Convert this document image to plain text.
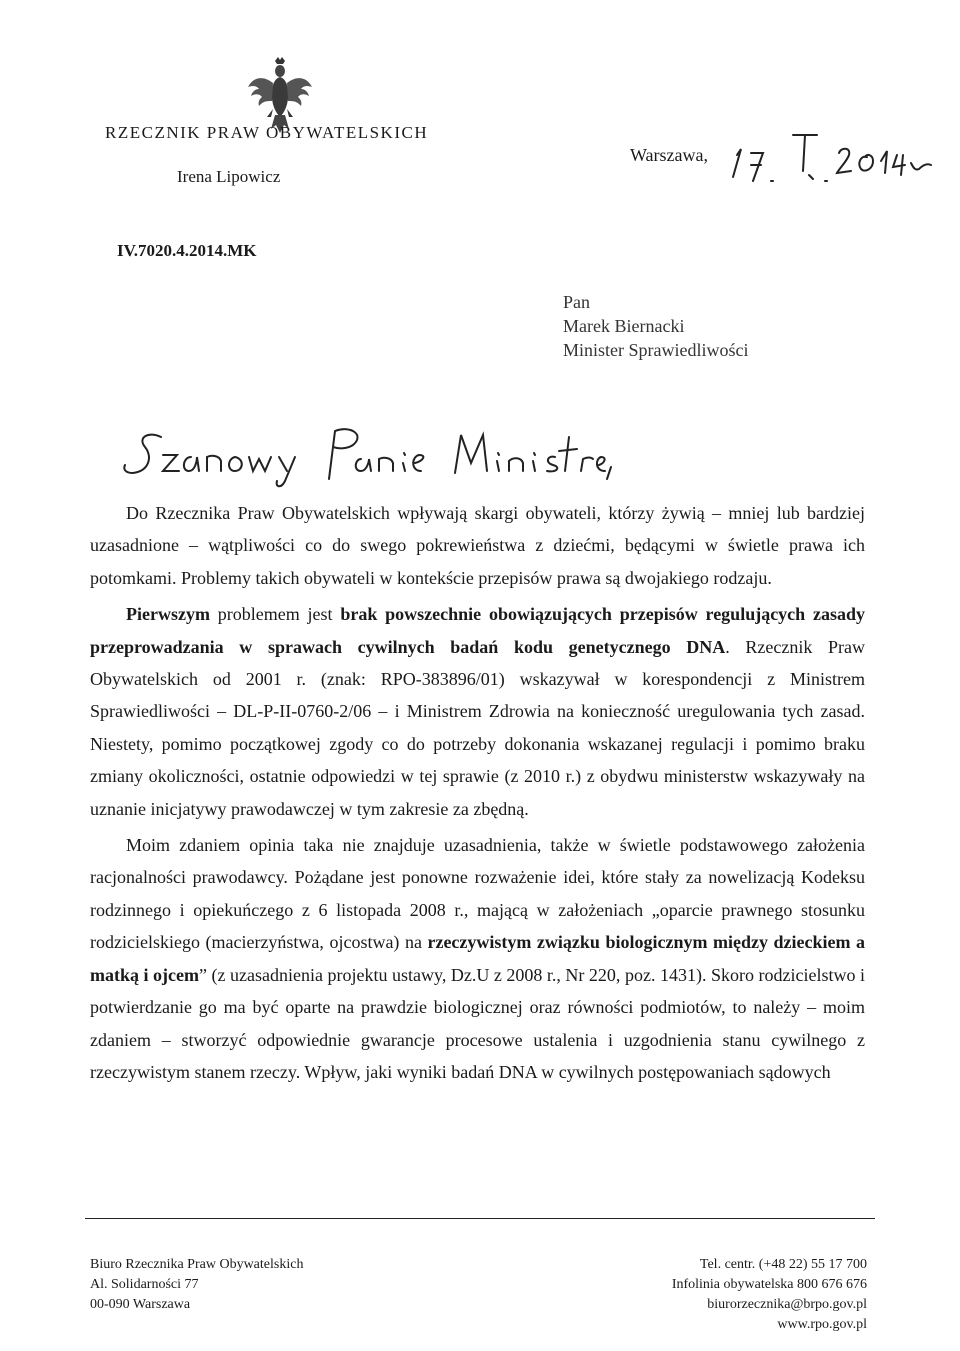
RZECZNIK PRAW OBYWATELSKICH
Irena Lipowicz
Warszawa,
IV.7020.4.2014.MK
Pan
Marek Biernacki
Minister Sprawiedliwości

Do Rzecznika Praw Obywatelskich wpływają skargi obywateli, którzy żywią – mniej lub bardziej uzasadnione – wątpliwości co do swego pokrewieństwa z dziećmi, będącymi w świetle prawa ich potomkami. Problemy takich obywateli w kontekście przepisów prawa są dwojakiego rodzaju.

Pierwszym problemem jest brak powszechnie obowiązujących przepisów regulujących zasady przeprowadzania w sprawach cywilnych badań kodu genetycznego DNA. Rzecznik Praw Obywatelskich od 2001 r. (znak: RPO-383896/01) wskazywał w korespondencji z Ministrem Sprawiedliwości – DL-P-II-0760-2/06 – i Ministrem Zdrowia na konieczność uregulowania tych zasad. Niestety, pomimo początkowej zgody co do potrzeby dokonania wskazanej regulacji i pomimo braku zmiany okoliczności, ostatnie odpowiedzi w tej sprawie (z 2010 r.) z obydwu ministerstw wskazywały na uznanie inicjatywy prawodawczej w tym zakresie za zbędną.

Moim zdaniem opinia taka nie znajduje uzasadnienia, także w świetle podstawowego założenia racjonalności prawodawcy. Pożądane jest ponowne rozważenie idei, które stały za nowelizacją Kodeksu rodzinnego i opiekuńczego z 6 listopada 2008 r., mającą w założeniach „oparcie prawnego stosunku rodzicielskiego (macierzyństwa, ojcostwa) na rzeczywistym związku biologicznym między dzieckiem a matką i ojcem” (z uzasadnienia projektu ustawy, Dz.U z 2008 r., Nr 220, poz. 1431). Skoro rodzicielstwo i potwierdzanie go ma być oparte na prawdzie biologicznej oraz równości podmiotów, to należy – moim zdaniem – stworzyć odpowiednie gwarancje procesowe ustalenia i uzgodnienia stanu cywilnego z rzeczywistym stanem rzeczy. Wpływ, jaki wyniki badań DNA w cywilnych postępowaniach sądowych

Biuro Rzecznika Praw Obywatelskich
Al. Solidarności 77
00-090 Warszawa
Tel. centr. (+48 22) 55 17 700
Infolinia obywatelska 800 676 676
biurorzecznika@brpo.gov.pl
www.rpo.gov.pl
